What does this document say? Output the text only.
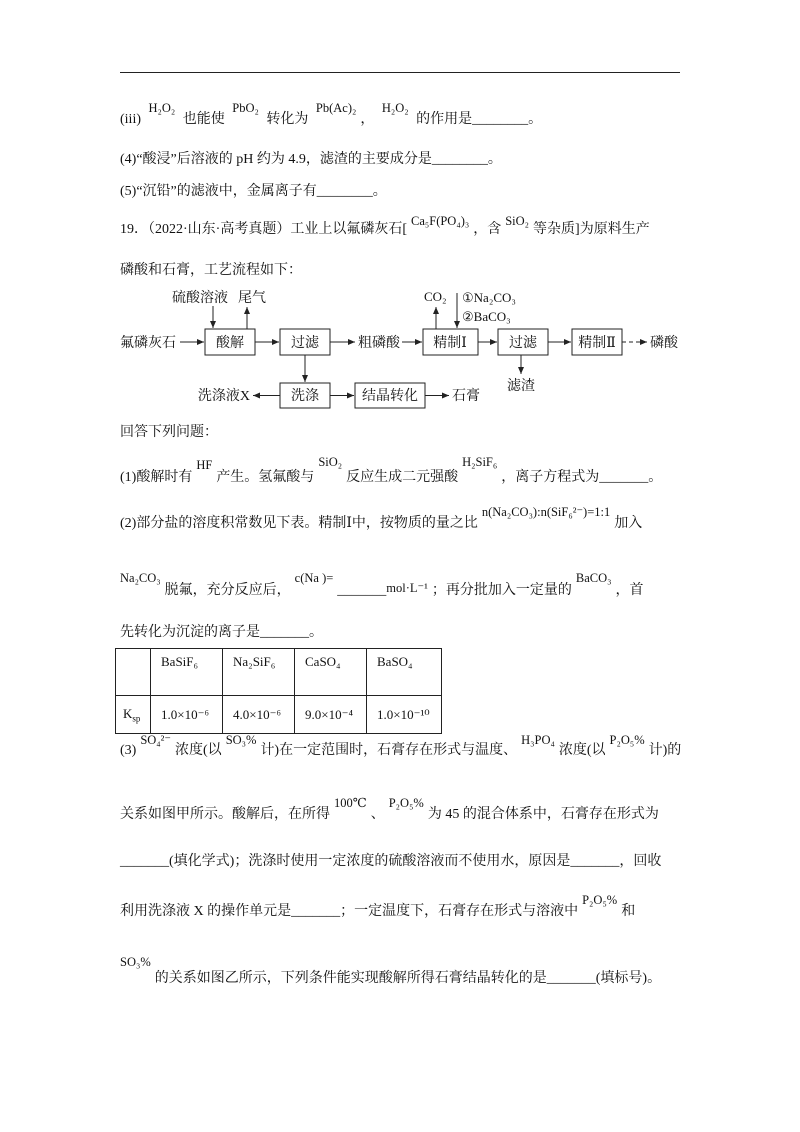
(iii) H₂O₂ 也能使 PbO₂ 转化为 Pb(Ac)₂， H₂O₂ 的作用是________。
(4)“酸浸”后溶液的 pH 约为 4.9，滤渣的主要成分是________。
(5)“沉铅”的滤液中，金属离子有________。
19．（2022·山东·高考真题）工业上以氟磷灰石[Ca₅F(PO₄)₃，含SiO₂等杂质]为原料生产
磷酸和石膏，工艺流程如下：
硫酸溶液 尾气
氟磷灰石	酸解	过滤	粗磷酸 精制Ⅰ
CO₂ ①Na₂CO₃
②BaCO₃
过滤
滤渣
精制Ⅱ 磷酸
洗涤
洗涤液X	结晶转化 石膏
回答下列问题：
(1)酸解时有HF产生。氢氟酸与SiO₂反应生成二元强酸H₂SiF₆，离子方程式为_______。
(2)部分盐的溶度积常数见下表。精制Ⅰ中，按物质的量之比n(Na₂CO₃):n(SiF₆²⁻)=1:1加入
Na₂CO₃脱氟，充分反应后，c(Na )=_______mol·L⁻¹ ；再分批加入一定量的BaCO₃，首
先转化为沉淀的离子是_______。
	BaSiF₆	Na₂SiF₆	CaSO₄	BaSO₄
$K_{sp}$	1.0×10⁻⁶	4.0×10⁻⁶	9.0×10⁻⁴	1.0×10⁻¹⁰
(3)SO₄²⁻浓度(以SO₃%计)在一定范围时，石膏存在形式与温度、H₃PO₄浓度(以P₂O₅%计)的
关系如图甲所示。酸解后，在所得100℃、P₂O₅%为 45 的混合体系中，石膏存在形式为
_______(填化学式)；洗涤时使用一定浓度的硫酸溶液而不使用水，原因是_______，回收
利用洗涤液 X 的操作单元是_______；一定温度下，石膏存在形式与溶液中P₂O₅%和
SO₃%的关系如图乙所示，下列条件能实现酸解所得石膏结晶转化的是_______(填标号)。
